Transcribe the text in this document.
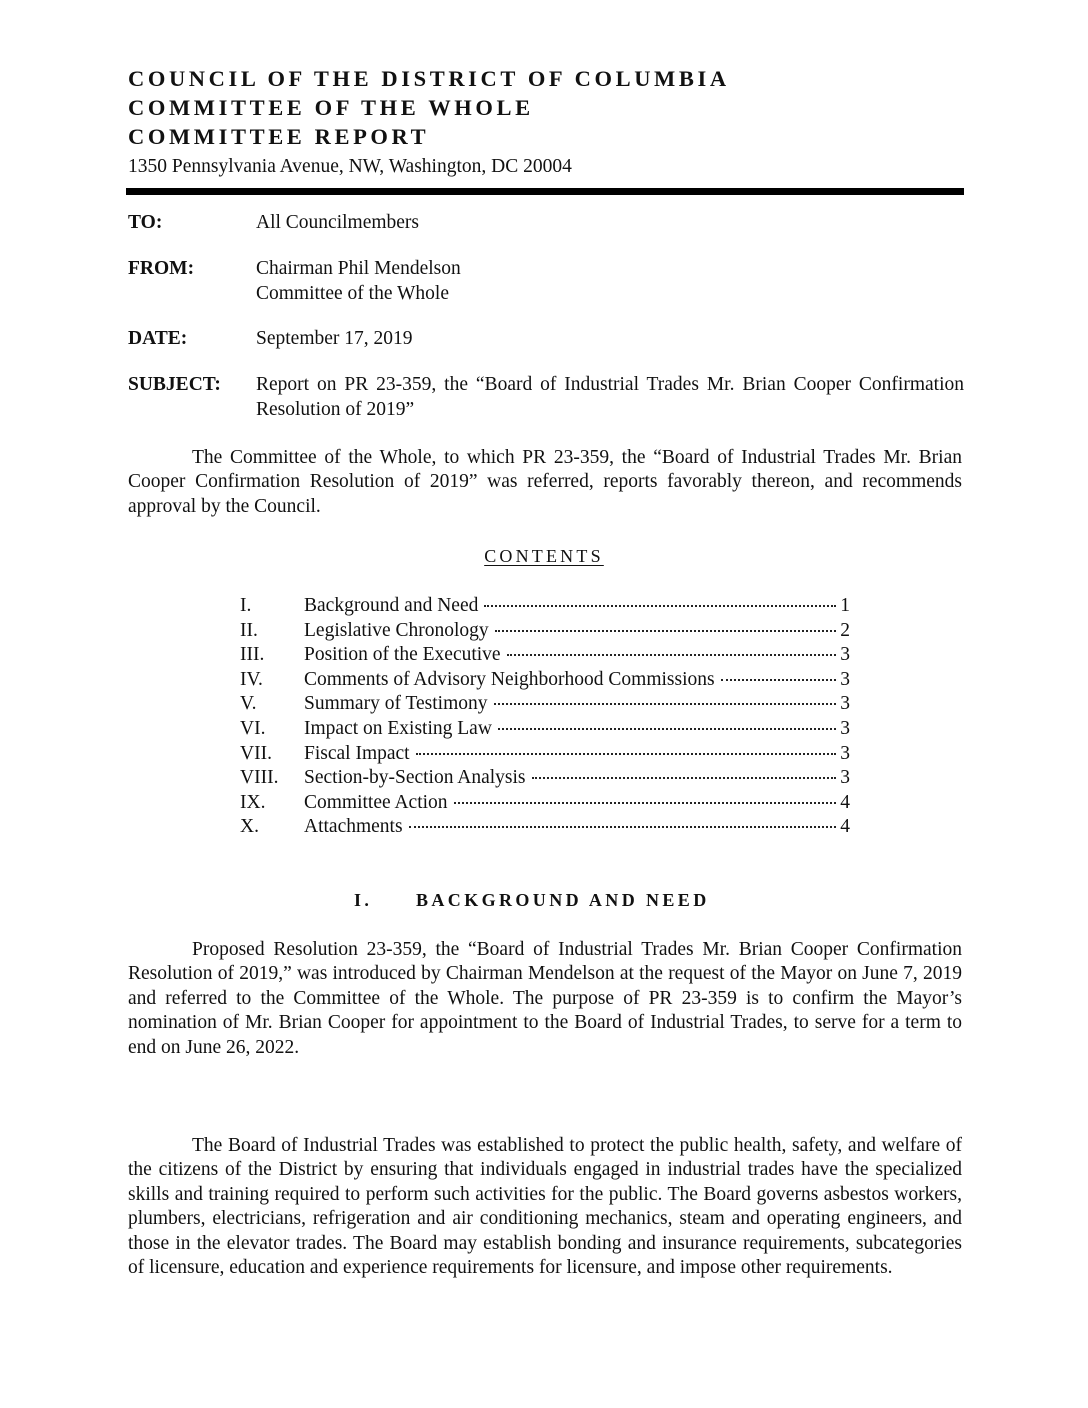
COUNCIL OF THE DISTRICT OF COLUMBIA
COMMITTEE OF THE WHOLE
COMMITTEE REPORT
1350 Pennsylvania Avenue, NW, Washington, DC 20004
TO:	All Councilmembers
FROM:	Chairman Phil Mendelson
Committee of the Whole
DATE:	September 17, 2019
SUBJECT: Report on PR 23-359, the “Board of Industrial Trades Mr. Brian Cooper Confirmation Resolution of 2019”

The Committee of the Whole, to which PR 23-359, the “Board of Industrial Trades Mr. Brian Cooper Confirmation Resolution of 2019” was referred, reports favorably thereon, and recommends approval by the Council.

CONTENTS
I.	Background and Need	1
II.	Legislative Chronology	2
III.	Position of the Executive	3
IV.	Comments of Advisory Neighborhood Commissions	3
V.	Summary of Testimony	3
VI.	Impact on Existing Law	3
VII.	Fiscal Impact	3
VIII.	Section-by-Section Analysis	3
IX.	Committee Action	4
X.	Attachments	4
I. BACKGROUND AND NEED

Proposed Resolution 23-359, the “Board of Industrial Trades Mr. Brian Cooper Confirmation Resolution of 2019,” was introduced by Chairman Mendelson at the request of the Mayor on June 7, 2019 and referred to the Committee of the Whole. The purpose of PR 23-359 is to confirm the Mayor’s nomination of Mr. Brian Cooper for appointment to the Board of Industrial Trades, to serve for a term to end on June 26, 2022.

The Board of Industrial Trades was established to protect the public health, safety, and welfare of the citizens of the District by ensuring that individuals engaged in industrial trades have the specialized skills and training required to perform such activities for the public. The Board governs asbestos workers, plumbers, electricians, refrigeration and air conditioning mechanics, steam and operating engineers, and those in the elevator trades. The Board may establish bonding and insurance requirements, subcategories of licensure, education and experience requirements for licensure, and impose other requirements.
